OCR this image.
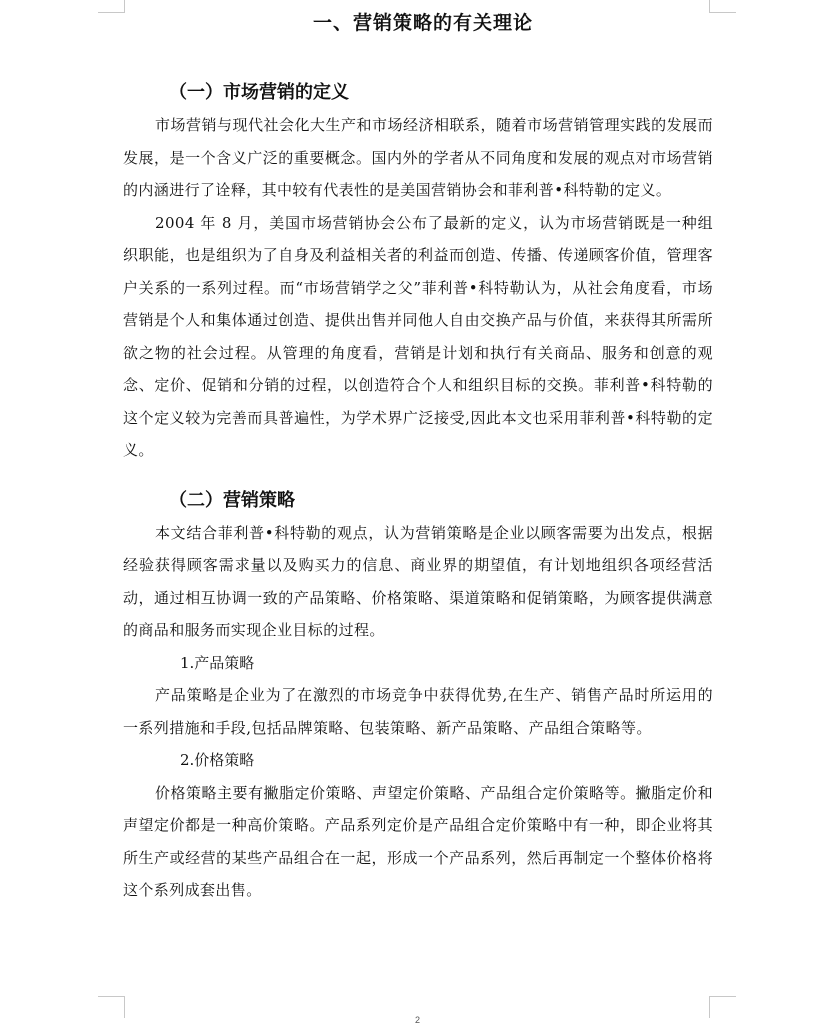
一、营销策略的有关理论
（一）市场营销的定义

市场营销与现代社会化大生产和市场经济相联系，随着市场营销管理实践的发展而发展，是一个含义广泛的重要概念。国内外的学者从不同角度和发展的观点对市场营销的内涵进行了诠释，其中较有代表性的是美国营销协会和菲利普•科特勒的定义。

2004 年 8 月，美国市场营销协会公布了最新的定义，认为市场营销既是一种组织职能，也是组织为了自身及利益相关者的利益而创造、传播、传递顾客价值，管理客户关系的一系列过程。而“市场营销学之父”菲利普•科特勒认为，从社会角度看，市场营销是个人和集体通过创造、提供出售并同他人自由交换产品与价值，来获得其所需所欲之物的社会过程。从管理的角度看，营销是计划和执行有关商品、服务和创意的观念、定价、促销和分销的过程，以创造符合个人和组织目标的交换。菲利普•科特勒的这个定义较为完善而具普遍性，为学术界广泛接受,因此本文也采用菲利普•科特勒的定义。

（二）营销策略

本文结合菲利普•科特勒的观点，认为营销策略是企业以顾客需要为出发点，根据经验获得顾客需求量以及购买力的信息、商业界的期望值，有计划地组织各项经营活动，通过相互协调一致的产品策略、价格策略、渠道策略和促销策略，为顾客提供满意的商品和服务而实现企业目标的过程。

1.产品策略

产品策略是企业为了在激烈的市场竞争中获得优势,在生产、销售产品时所运用的一系列措施和手段,包括品牌策略、包装策略、新产品策略、产品组合策略等。

2.价格策略

价格策略主要有撇脂定价策略、声望定价策略、产品组合定价策略等。撇脂定价和声望定价都是一种高价策略。产品系列定价是产品组合定价策略中有一种，即企业将其所生产或经营的某些产品组合在一起，形成一个产品系列，然后再制定一个整体价格将这个系列成套出售。

2
